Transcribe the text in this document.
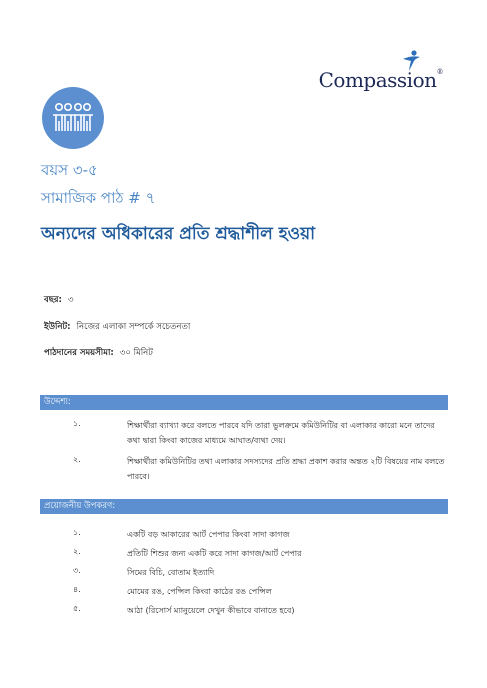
Compassion®
বয়স ৩-৫
সামাজিক পাঠ # ৭
অন্যদের অধিকারের প্রতি শ্রদ্ধাশীল হওয়া
বছর: ৩
ইউনিট: নিজের এলাকা সম্পর্কে সচেতনতা
পাঠদানের সময়সীমা: ৩০ মিনিট
উদ্দেশ্য:
১.	শিক্ষার্থীরা ব্যাখ্যা করে বলতে পারবে যদি তারা ভুলক্রমে কমিউনিটির বা এলাকার কারো মনে তাদের কথা দ্বারা কিংবা কাজের মাধ্যমে আঘাত/ব্যথা দেয়।
২.	শিক্ষার্থীরা কমিউনিটির তথা এলাকার সদস্যদের প্রতি শ্রদ্ধা প্রকাশ করার অন্তত ২টি বিষয়ের নাম বলতে পারবে।
প্রয়োজনীয় উপকরণ:
১.	একটি বড় আকারের আর্ট পেপার কিংবা সাদা কাগজ
২.	প্রতিটি শিশুর জন্য একটি করে সাদা কাগজ/আর্ট পেপার
৩.	সিমের বিচি, বোতাম ইত্যাদি
৪.	মোমের রঙ, পেন্সিল কিংবা কাঠের রঙ পেন্সিল
৫.	আঠা (রিসোর্স ম্যানুয়েলে দেখুন কীভাবে বানাতে হবে)
